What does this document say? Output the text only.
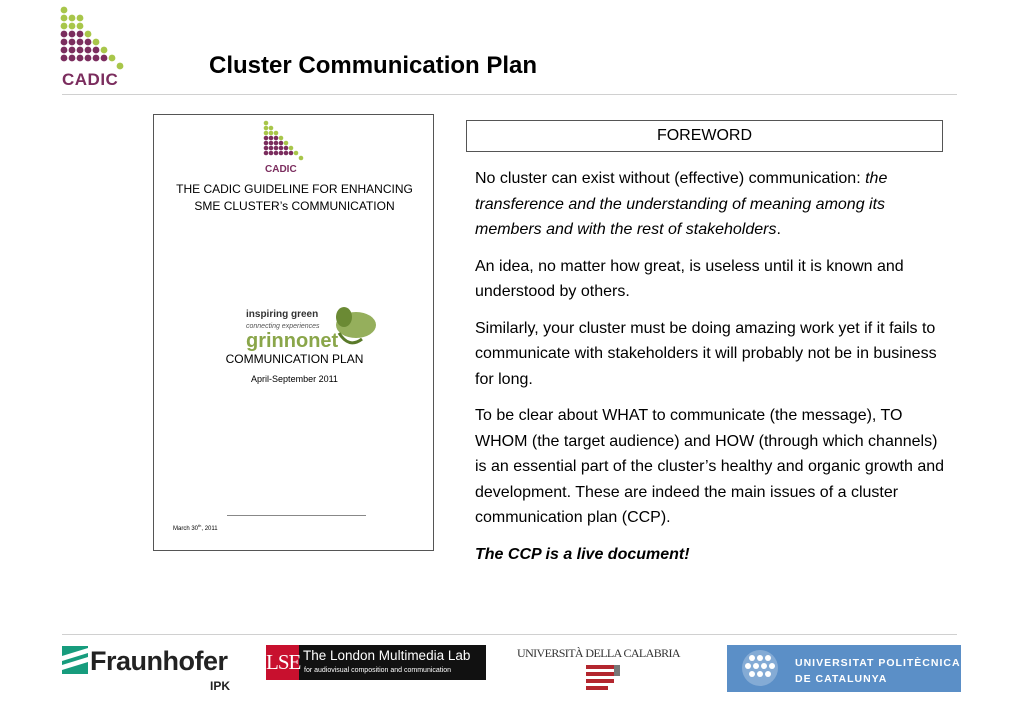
CADIC
Cluster Communication Plan
CADIC
THE CADIC GUIDELINE FOR ENHANCING
SME CLUSTER’s COMMUNICATION
inspiring green
connecting experiences
grinnonet
COMMUNICATION PLAN
April-September 2011
March 30th, 2011
FOREWORD

No cluster can exist without (effective) communication: the transference and the understanding of meaning among its members and with the rest of stakeholders.

An idea, no matter how great, is useless until it is known and understood by others.

Similarly, your cluster must be doing amazing work yet if it fails to communicate with stakeholders it will probably not be in business for long.

To be clear about WHAT to communicate (the message), TO WHOM (the target audience) and HOW (through which channels) is an essential part of the cluster’s healthy and organic growth and development. These are indeed the main issues of a cluster communication plan (CCP).

The CCP is a live document!

Fraunhofer
IPK
LSE The London Multimedia Lab
for audiovisual composition and communication
UNIVERSITÀ DELLA CALABRIA
UNIVERSITAT POLITÈCNICA
DE CATALUNYA
